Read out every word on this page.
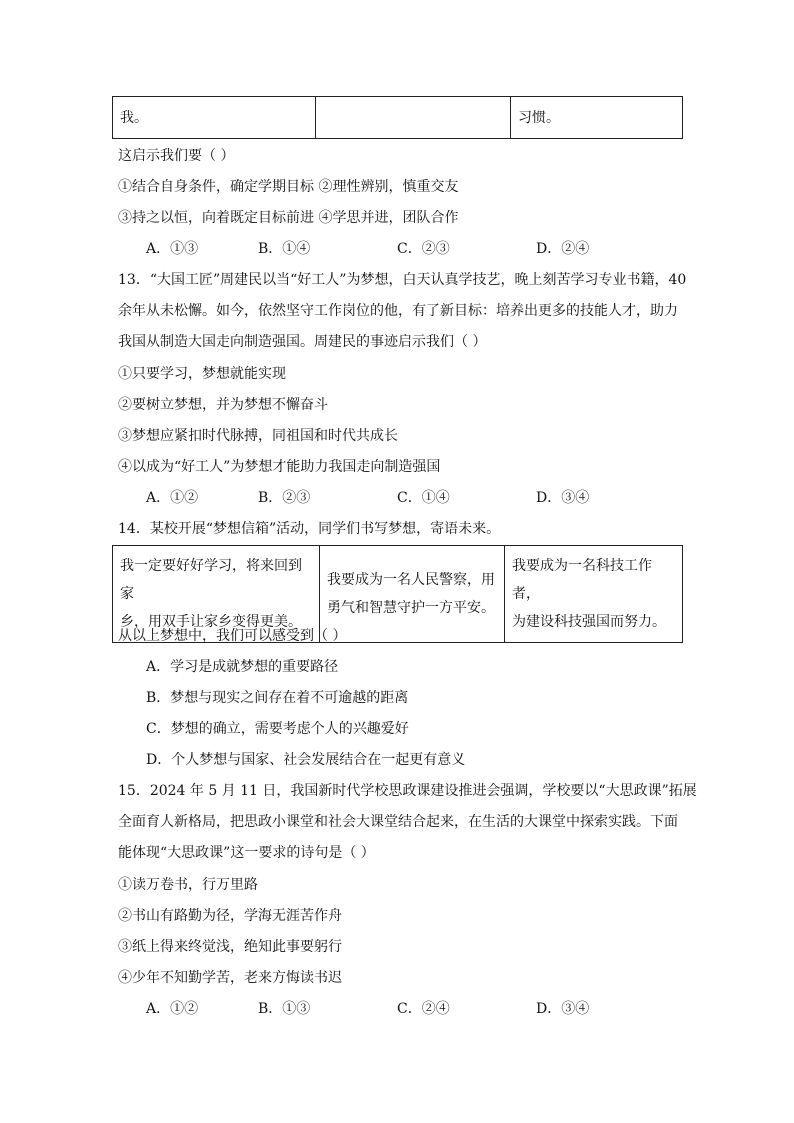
我。		习惯。
这启示我们要（ ）
①结合自身条件，确定学期目标 ②理性辨别，慎重交友
③持之以恒，向着既定目标前进 ④学思并进，团队合作
A．①③	B．①④	C．②③	D．②④
13．“大国工匠”周建民以当“好工人”为梦想，白天认真学技艺，晚上刻苦学习专业书籍，40
余年从未松懈。如今，依然坚守工作岗位的他，有了新目标：培养出更多的技能人才，助力
我国从制造大国走向制造强国。周建民的事迹启示我们（ ）
①只要学习，梦想就能实现
②要树立梦想，并为梦想不懈奋斗
③梦想应紧扣时代脉搏，同祖国和时代共成长
④以成为“好工人”为梦想才能助力我国走向制造强国
A．①②	B．②③	C．①④	D．③④
14．某校开展“梦想信箱”活动，同学们书写梦想，寄语未来。
我一定要好好学习，将来回到家
乡，用双手让家乡变得更美。

我要成为一名人民警察，用
勇气和智慧守护一方平安。

我要成为一名科技工作者，
为建设科技强国而努力。
从以上梦想中，我们可以感受到（ ）
A．学习是成就梦想的重要路径
B．梦想与现实之间存在着不可逾越的距离
C．梦想的确立，需要考虑个人的兴趣爱好
D．个人梦想与国家、社会发展结合在一起更有意义
15．2024 年 5 月 11 日，我国新时代学校思政课建设推进会强调，学校要以“大思政课”拓展
全面育人新格局，把思政小课堂和社会大课堂结合起来，在生活的大课堂中探索实践。下面
能体现“大思政课”这一要求的诗句是（ ）
①读万卷书，行万里路
②书山有路勤为径，学海无涯苦作舟
③纸上得来终觉浅，绝知此事要躬行
④少年不知勤学苦，老来方悔读书迟
A．①②	B．①③	C．②④	D．③④
